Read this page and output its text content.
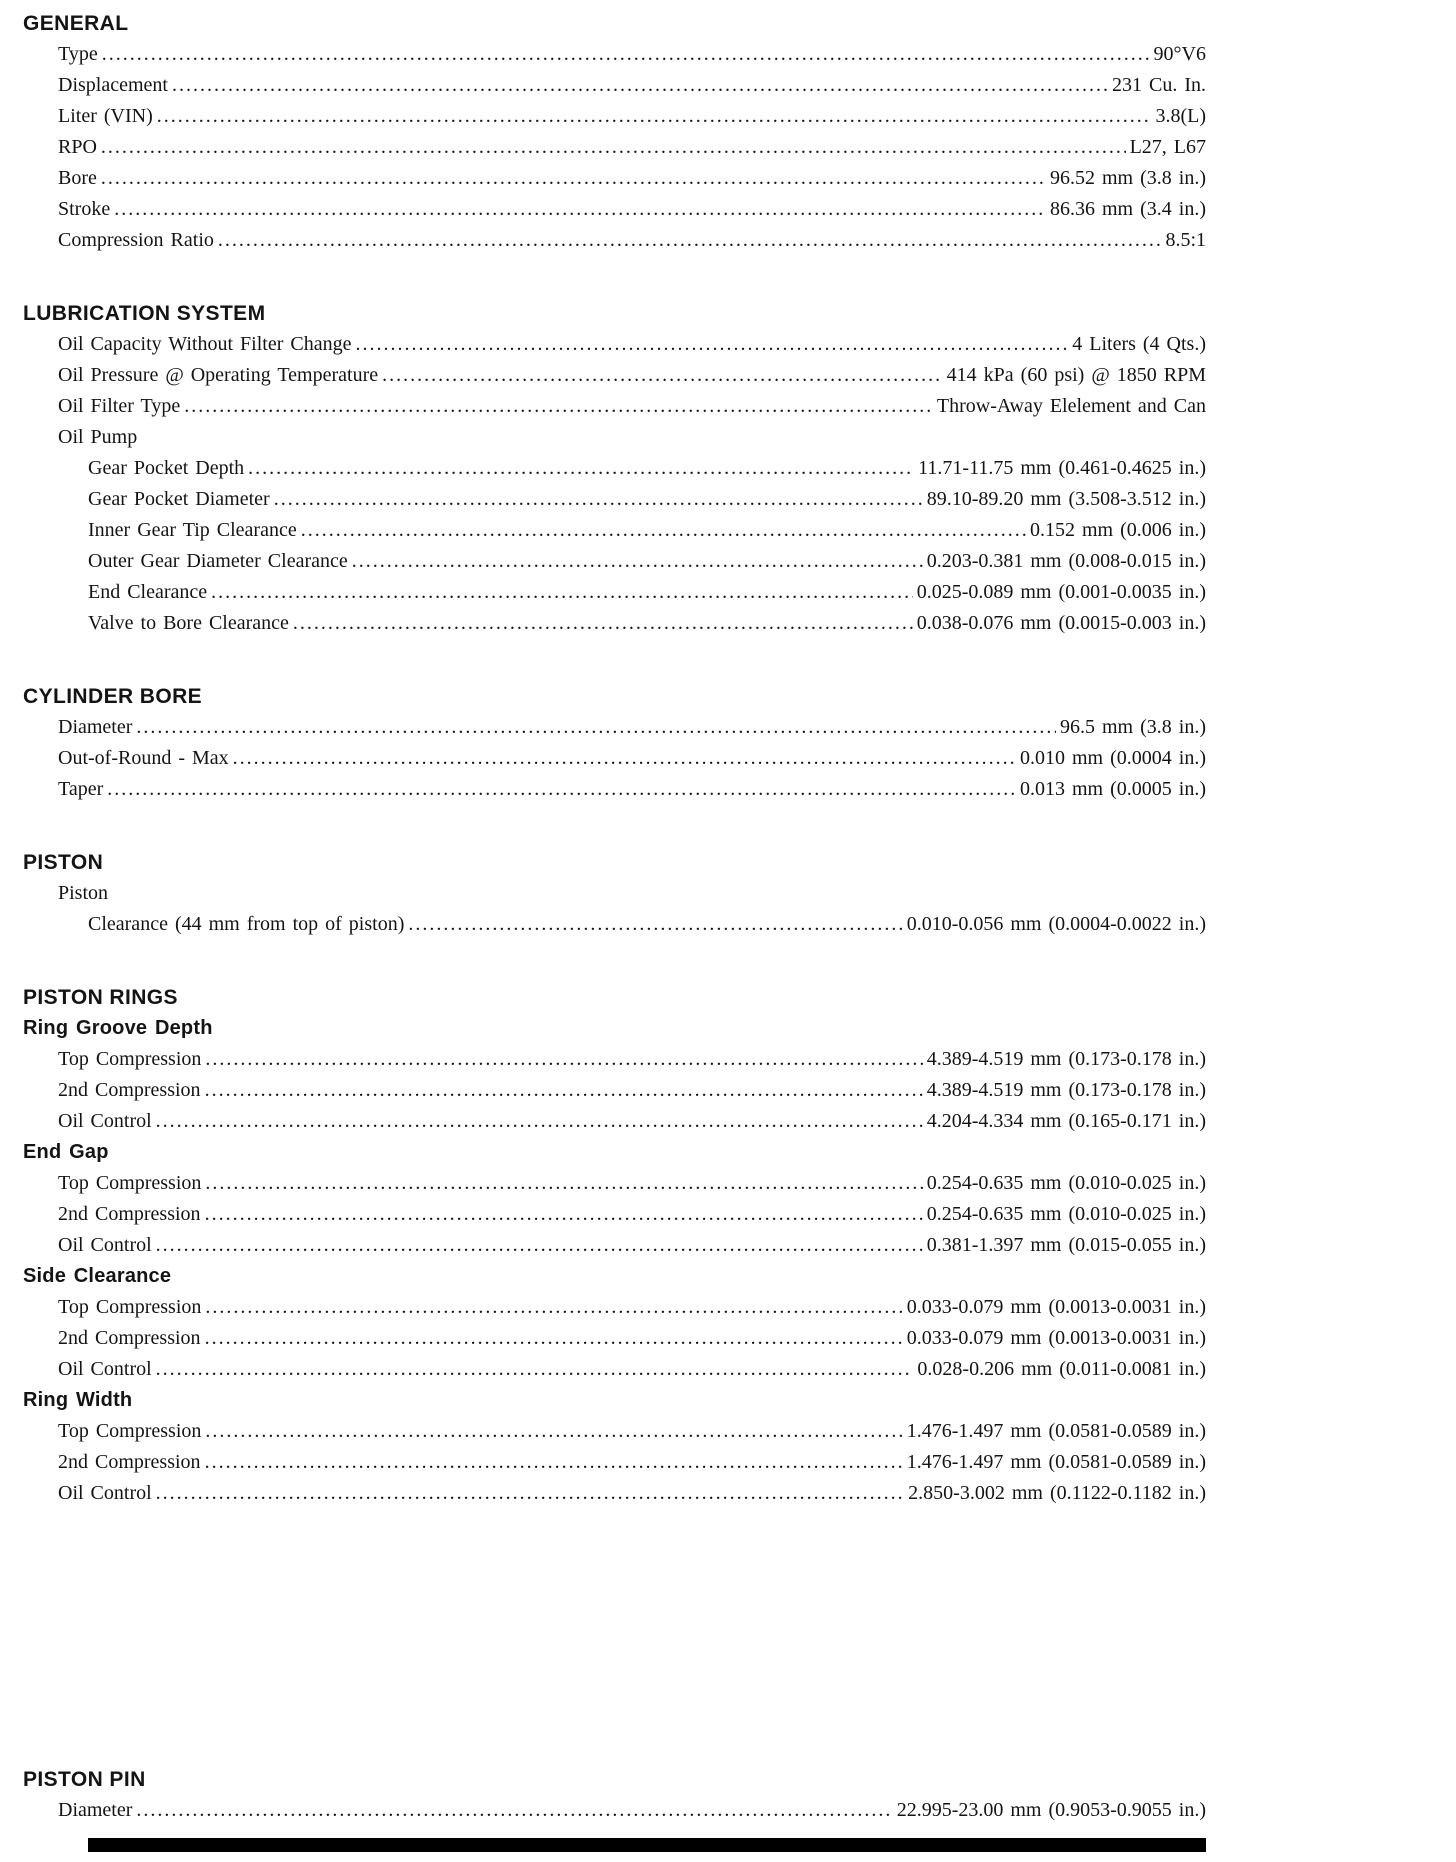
GENERAL
Type .....	90°V6
Displacement .....	231 Cu. In.
Liter (VIN) .....	3.8(L)
RPO .....	L27, L67
Bore .....	96.52 mm (3.8 in.)
Stroke .....	86.36 mm (3.4 in.)
Compression Ratio .....	8.5:1
LUBRICATION SYSTEM
Oil Capacity Without Filter Change .....	4 Liters (4 Qts.)
Oil Pressure @ Operating Temperature .....	414 kPa (60 psi) @ 1850 RPM
Oil Filter Type .....	Throw-Away Elelement and Can
Oil Pump
Gear Pocket Depth .....	11.71-11.75 mm (0.461-0.4625 in.)
Gear Pocket Diameter .....	89.10-89.20 mm (3.508-3.512 in.)
Inner Gear Tip Clearance .....	0.152 mm (0.006 in.)
Outer Gear Diameter Clearance .....	0.203-0.381 mm (0.008-0.015 in.)
End Clearance .....	0.025-0.089 mm (0.001-0.0035 in.)
Valve to Bore Clearance .....	0.038-0.076 mm (0.0015-0.003 in.)
CYLINDER BORE
Diameter .....	96.5 mm (3.8 in.)
Out-of-Round - Max .....	0.010 mm (0.0004 in.)
Taper .....	0.013 mm (0.0005 in.)
PISTON
Piston
Clearance (44 mm from top of piston) .....	0.010-0.056 mm (0.0004-0.0022 in.)
PISTON RINGS
Ring Groove Depth
Top Compression .....	4.389-4.519 mm (0.173-0.178 in.)
2nd Compression .....	4.389-4.519 mm (0.173-0.178 in.)
Oil Control .....	4.204-4.334 mm (0.165-0.171 in.)
End Gap
Top Compression .....	0.254-0.635 mm (0.010-0.025 in.)
2nd Compression .....	0.254-0.635 mm (0.010-0.025 in.)
Oil Control .....	0.381-1.397 mm (0.015-0.055 in.)
Side Clearance
Top Compression .....	0.033-0.079 mm (0.0013-0.0031 in.)
2nd Compression .....	0.033-0.079 mm (0.0013-0.0031 in.)
Oil Control .....	0.028-0.206 mm (0.011-0.0081 in.)
Ring Width
Top Compression .....	1.476-1.497 mm (0.0581-0.0589 in.)
2nd Compression .....	1.476-1.497 mm (0.0581-0.0589 in.)
Oil Control .....	2.850-3.002 mm (0.1122-0.1182 in.)
PISTON PIN
Diameter .....	22.995-23.00 mm (0.9053-0.9055 in.)
